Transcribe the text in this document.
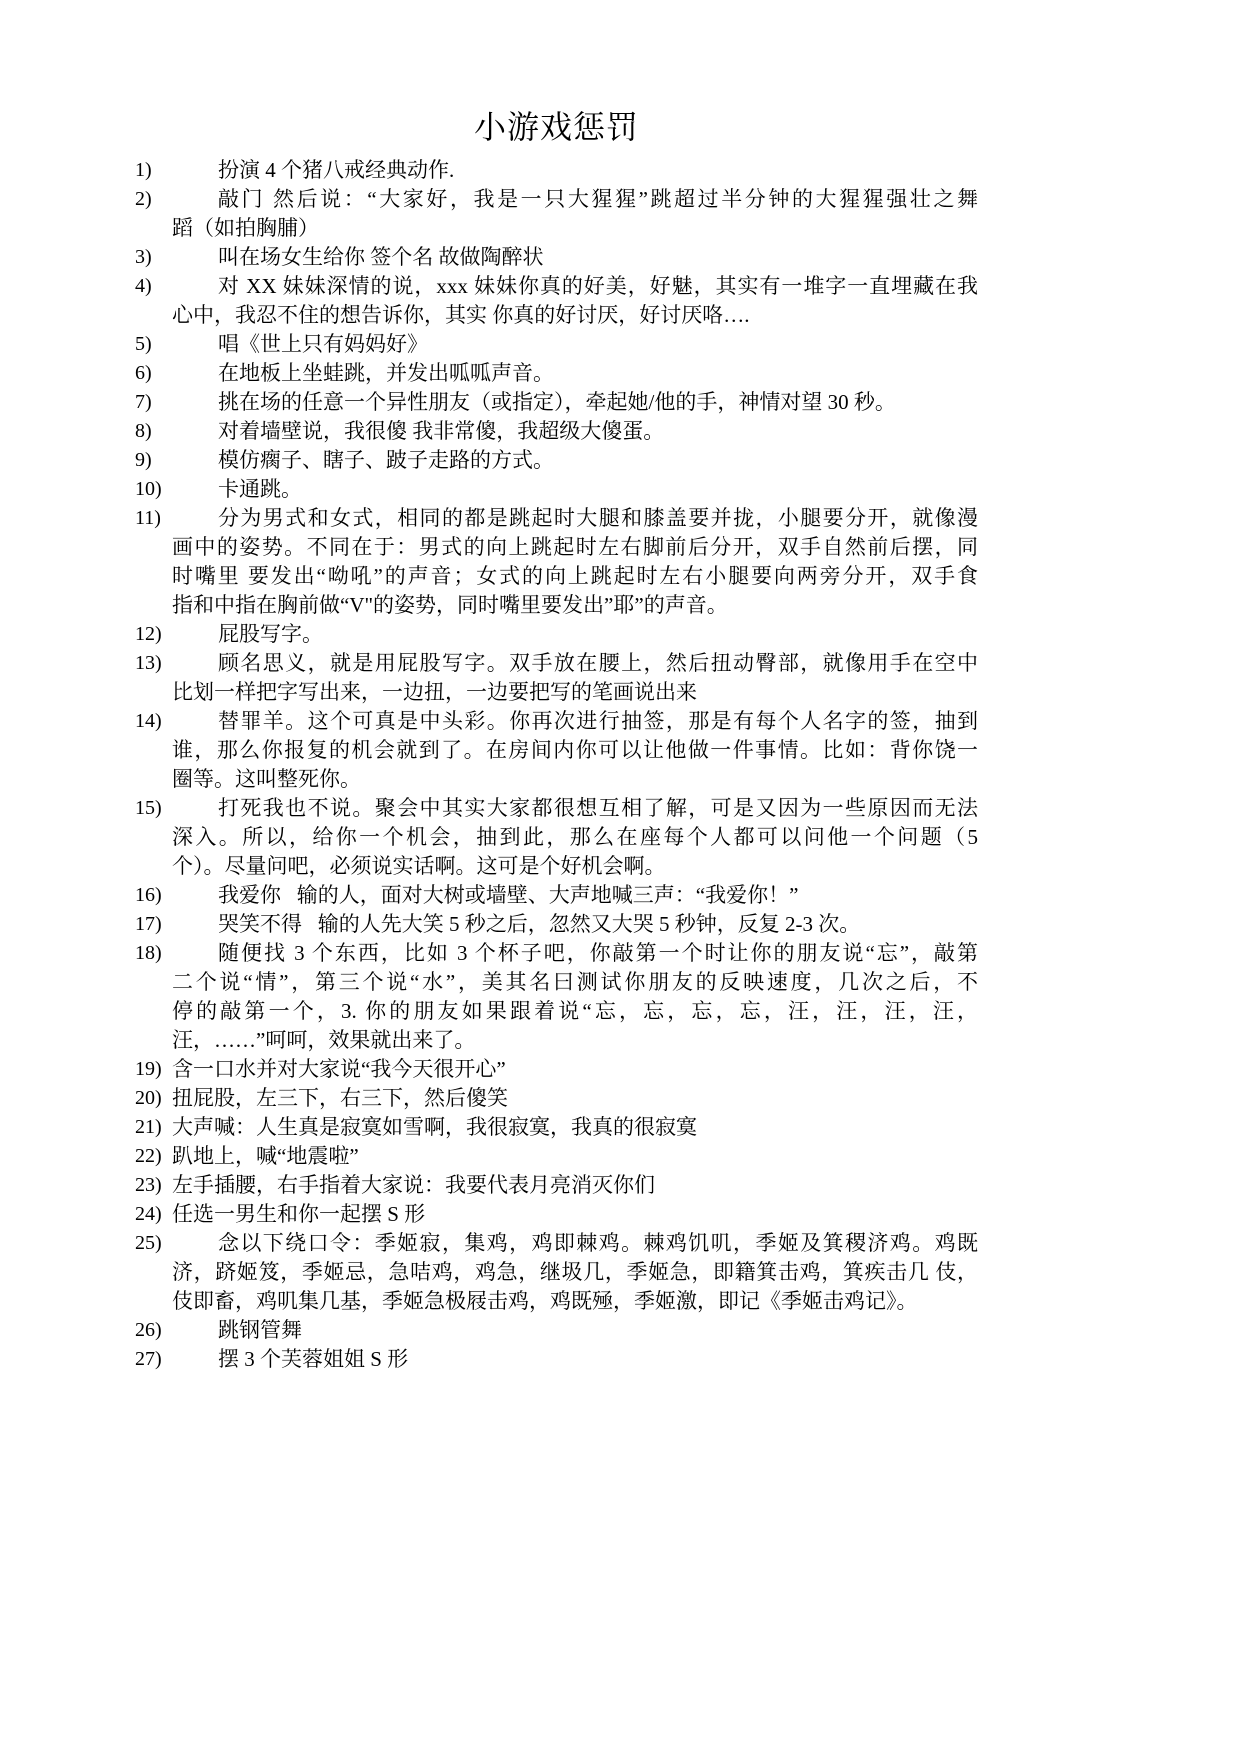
小游戏惩罚
1)	扮演 4 个猪八戒经典动作.
2)	敲门 然后说：“大家好，我是一只大猩猩”跳超过半分钟的大猩猩强壮之舞
蹈（如拍胸脯）
3)	叫在场女生给你 签个名 故做陶醉状
4)	对 XX 妹妹深情的说，xxx 妹妹你真的好美，好魅，其实有一堆字一直埋藏在我
心中，我忍不住的想告诉你，其实 你真的好讨厌，好讨厌咯….
5)	唱《世上只有妈妈好》
6)	在地板上坐蛙跳，并发出呱呱声音。
7)	挑在场的任意一个异性朋友（或指定），牵起她/他的手，神情对望 30 秒。
8)	对着墙壁说，我很傻 我非常傻，我超级大傻蛋。
9)	模仿瘸子、瞎子、跛子走路的方式。
10)	卡通跳。
11)	分为男式和女式，相同的都是跳起时大腿和膝盖要并拢，小腿要分开，就像漫
画中的姿势。不同在于：男式的向上跳起时左右脚前后分开，双手自然前后摆，同
时嘴里 要发出“呦吼”的声音；女式的向上跳起时左右小腿要向两旁分开，双手食
指和中指在胸前做“V"的姿势，同时嘴里要发出”耶”的声音。
12)	屁股写字。
13)	顾名思义，就是用屁股写字。双手放在腰上，然后扭动臀部，就像用手在空中
比划一样把字写出来，一边扭，一边要把写的笔画说出来
14)	替罪羊。这个可真是中头彩。你再次进行抽签，那是有每个人名字的签，抽到
谁，那么你报复的机会就到了。在房间内你可以让他做一件事情。比如：背你饶一
圈等。这叫整死你。
15)	打死我也不说。聚会中其实大家都很想互相了解，可是又因为一些原因而无法
深入。所以，给你一个机会，抽到此，那么在座每个人都可以问他一个问题（5
个）。尽量问吧，必须说实话啊。这可是个好机会啊。
16)	我爱你   输的人，面对大树或墙壁、大声地喊三声：“我爱你！”
17)	哭笑不得   输的人先大笑 5 秒之后，忽然又大哭 5 秒钟，反复 2-3 次。
18)	随便找 3 个东西，比如 3 个杯子吧，你敲第一个时让你的朋友说“忘”，敲第
二个说“情”，第三个说“水”，美其名曰测试你朋友的反映速度，几次之后，不
停的敲第一个，3. 你的朋友如果跟着说“忘，忘，忘，忘，汪，汪，汪，汪，
汪，……”呵呵，效果就出来了。
19) 含一口水并对大家说“我今天很开心”
20) 扭屁股，左三下，右三下，然后傻笑
21) 大声喊：人生真是寂寞如雪啊，我很寂寞，我真的很寂寞
22) 趴地上，喊“地震啦”
23) 左手插腰，右手指着大家说：我要代表月亮消灭你们
24) 任选一男生和你一起摆 S 形
25)	念以下绕口令：季姬寂，集鸡，鸡即棘鸡。棘鸡饥叽，季姬及箕稷济鸡。鸡既
济，跻姬笈，季姬忌，急咭鸡，鸡急，继圾几，季姬急，即籍箕击鸡，箕疾击几 伎，
伎即畜，鸡叽集几基，季姬急极屐击鸡，鸡既殛，季姬激，即记《季姬击鸡记》。
26)	跳钢管舞
27)	摆 3 个芙蓉姐姐 S 形
